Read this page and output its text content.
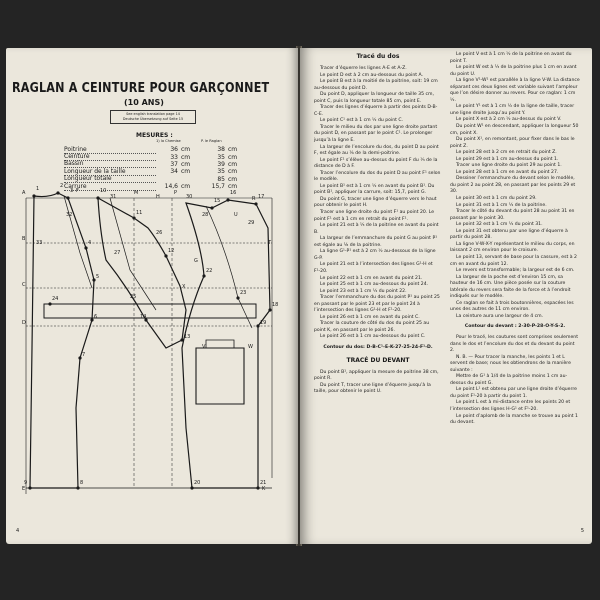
RAGLAN A CEINTURE POUR GARÇONNET
(10 ANS)
See english translation page 14
Deutsche Übersetzung auf Seite 15
MESURES :
1) la Chemise	P. le Raglan
Poitrine	36 cm	38 cm
Ceinture	33 cm	35 cm
Bassin	37 cm	39 cm
Longueur de la taille	34 cm	35 cm
Longueur totale	85 cm
Carrure	14,6 cm	15,7 cm
1	2
3
4
5
6
7
8
9
10
11
12
13
14
15
16
17
18
19
20	21
22
23
24	25
26
27
28
29
30
31
32
33
A
B
C
D
E
F
G
H
K
M	P
R
T
U
V	W
X
4

Tracé du dos

Tracer d’équerre les lignes A-E et A-Z.

Le point D est à 2 cm au-dessous du point A.

Le point B est à la moitié de la poitrine, soit: 19 cm au-dessous du point D.

Du point D, appliquer la longueur de taille 35 cm, point C, puis la longueur totale 85 cm, point E.

Tracer des lignes d’équerre à partir des points D-B-C-E.

Le point C¹ est à 1 cm ½ du point C.

Tracer le milieu du dos par une ligne droite partant du point D, en passant par le point C¹. Le prolonger jusqu’à la ligne E.

La largeur de l’encolure du dos, du point D au point F, est égale au ⅙ de la demi-poitrine.

Le point F¹ s’élève au-dessus du point F du ⅓ de la distance de D à F.

Tracer l’encolure du dos du point D au point F¹ selon le modèle.

Le point B¹ est à 1 cm ½ en avant du point B¹. Du point B¹, appliquer la carrure, soit: 15,7, point G.

Du point G, tracer une ligne d’équerre vers le haut pour obtenir le point H.

Tracer une ligne droite du point F¹ au point 20. Le point F¹ est à 1 cm en retrait du point F¹.

Le point 21 est à ⅓ de la poitrine en avant du point B.

La largeur de l’emmanchure du point G au point P¹ est égale au ⅛ de la poitrine.

La ligne G¹-P¹ est à 2 cm ½ au-dessous de la ligne G-P.

Le point 21 est à l’intersection des lignes G¹-H et F¹-20.

Le point 22 est à 1 cm en avant du point 21.

Le point 25 est à 1 cm au-dessous du point 24.

Le point 23 est à 1 cm ½ du point 22.

Tracer l’emmanchure du dos du point P¹ au point 25 en passant par le point 23 et par le point 24 à l’intersection des lignes G¹-H et F¹-20.

Le point 26 est à 1 cm en avant du point C.

Tracer la couture de côté du dos du point 25 au point K, en passant par le point 26.

Le point 26 est à 1 cm au-dessous du point C.

Contour du dos: D-B-C¹-E-K-27-25-24-F¹-D.

TRACÉ DU DEVANT

Du point B¹, appliquer la mesure de poitrine 38 cm, point R.

Du point T, tracer une ligne d’équerre jusqu’à la taille, pour obtenir le point U.

Le point V est à 1 cm ½ de la poitrine en avant du point T.

Le point W est à ⅓ de la poitrine plus 1 cm en avant du point U.

La ligne V¹-W¹ est parallèle à la ligne V-W. La distance séparant ces deux lignes est variable suivant l’ampleur que l’on désire donner au revers. Pour ce raglan: 1 cm ½.

Le point Y¹ est à 1 cm ½ de la ligne de taille, tracer une ligne droite jusqu’au point Y.

Le point X est à 2 cm ½ au-dessus du point V.

Du point W¹ en descendant, appliquer la longueur 50 cm, point X.

Du point X¹, en remontant, pour fixer dans le bas le point Z.

Le point 28 est à 2 cm en retrait du point Z.

Le point 29 est à 1 cm au-dessus du point 1.

Tracer une ligne droite du point 29 au point 1.

Le point 28 est à 1 cm en avant du point 27.

Dessiner l’emmanchure du devant selon le modèle, du point 2 au point 28, en passant par les points 29 et 30.

Le point 30 est à 1 cm du point 29.

Le point 31 est à 1 cm ½ de la poitrine.

Tracer le côté du devant du point 28 au point 31 en passant par le point 30.

Le point 32 est à 1 cm ½ du point 31.

Le point 31 est obtenu par une ligne d’équerre à partir du point 28.

La ligne V-W-X-Y représentant le milieu du corps, en laissant 2 cm environ pour le croisure.

Le point 13, servant de base pour la cassure, est à 2 cm en avant du point 12.

Le revers est transformable; la largeur est de 6 cm.

La largeur de la poche est d’environ 15 cm, sa hauteur de 16 cm. Une pièce posée sur la couture latérale du revers sera faite de la force et à l’endroit indiqués sur le modèle.

Ce raglan se fait à trois boutonnières, espacées les unes des autres de 11 cm environ.

La ceinture aura une largeur de 4 cm.

Contour du devant : 2-30-P-28-O-Y-S-2.

Pour le tracé, les coutures sont comprises seulement dans le dos et l’encolure du dos et du devant du point 2.

N. B. — Pour tracer la manche, les points 1 et L servent de base; nous les obtiendrons de la manière suivante :

Mettre de G¹ à 1/4 de la poitrine moins 1 cm au-dessus du point G.

Le point L¹ est obtenu par une ligne droite d’équerre du point F¹-20 à partir du point 1.

Le point L est à mi-distance entre les points 20 et l’intersection des lignes H-G¹ et F¹-20.

Le point d’aplomb de la manche se trouve au point 1 du devant.

5
